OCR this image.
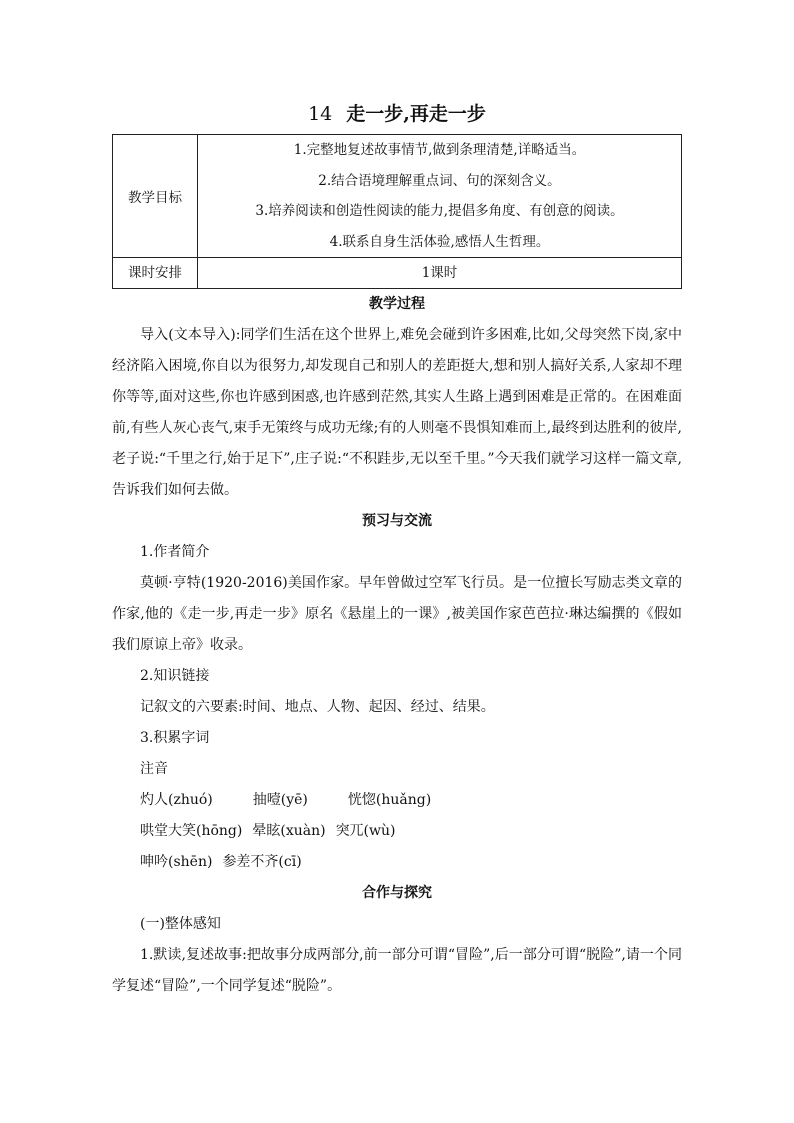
14 走一步,再走一步
教学目标	1.完整地复述故事情节,做到条理清楚,详略适当。
2.结合语境理解重点词、句的深刻含义。
3.培养阅读和创造性阅读的能力,提倡多角度、有创意的阅读。
4.联系自身生活体验,感悟人生哲理。

课时安排	1课时
教学过程

导入(文本导入):同学们生活在这个世界上,难免会碰到许多困难,比如,父母突然下岗,家中经济陷入困境,你自以为很努力,却发现自己和别人的差距挺大,想和别人搞好关系,人家却不理你等等,面对这些,你也许感到困惑,也许感到茫然,其实人生路上遇到困难是正常的。在困难面前,有些人灰心丧气,束手无策终与成功无缘;有的人则毫不畏惧知难而上,最终到达胜利的彼岸,老子说:“千里之行,始于足下”,庄子说:“不积跬步,无以至千里。”今天我们就学习这样一篇文章,告诉我们如何去做。

预习与交流

1.作者简介

莫顿·亨特(1920-2016)美国作家。早年曾做过空军飞行员。是一位擅长写励志类文章的作家,他的《走一步,再走一步》原名《悬崖上的一课》,被美国作家芭芭拉·琳达编撰的《假如我们原谅上帝》收录。

2.知识链接

记叙文的六要素:时间、地点、人物、起因、经过、结果。

3.积累字词

注音

灼人(zhuó)	抽噎(yē)	恍惚(huǎng)
哄堂大笑(hōng) 晕眩(xuàn) 突兀(wù)
呻吟(shēn) 参差不齐(cī)
合作与探究

(一)整体感知

1.默读,复述故事:把故事分成两部分,前一部分可谓“冒险”,后一部分可谓“脱险”,请一个同学复述“冒险”,一个同学复述“脱险”。
